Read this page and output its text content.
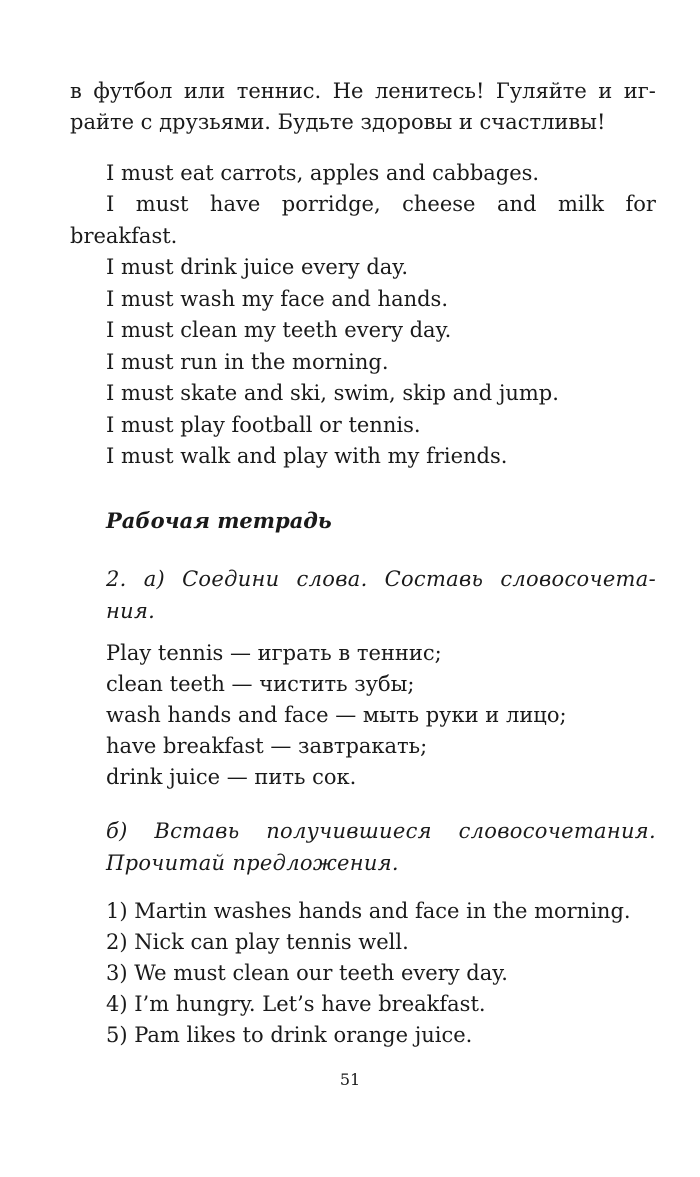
в футбол или теннис. Не ленитесь! Гуляйте и иг-
райте с друзьями. Будьте здоровы и счастливы!
I must eat carrots, apples and cabbages.
I must have porridge, cheese and milk for
breakfast.
I must drink juice every day.
I must wash my face and hands.
I must clean my teeth every day.
I must run in the morning.
I must skate and ski, swim, skip and jump.
I must play football or tennis.
I must walk and play with my friends.
Рабочая тетрадь
2. а) Соедини слова. Составь словосочета-
ния.
Play tennis — играть в теннис;
clean teeth — чистить зубы;
wash hands and face — мыть руки и лицо;
have breakfast — завтракать;
drink juice — пить сок.
б) Вставь получившиеся словосочетания.
Прочитай предложения.
1) Martin washes hands and face in the morning.
2) Nick can play tennis well.
3) We must clean our teeth every day.
4) I’m hungry. Let’s have breakfast.
5) Pam likes to drink orange juice.
51
